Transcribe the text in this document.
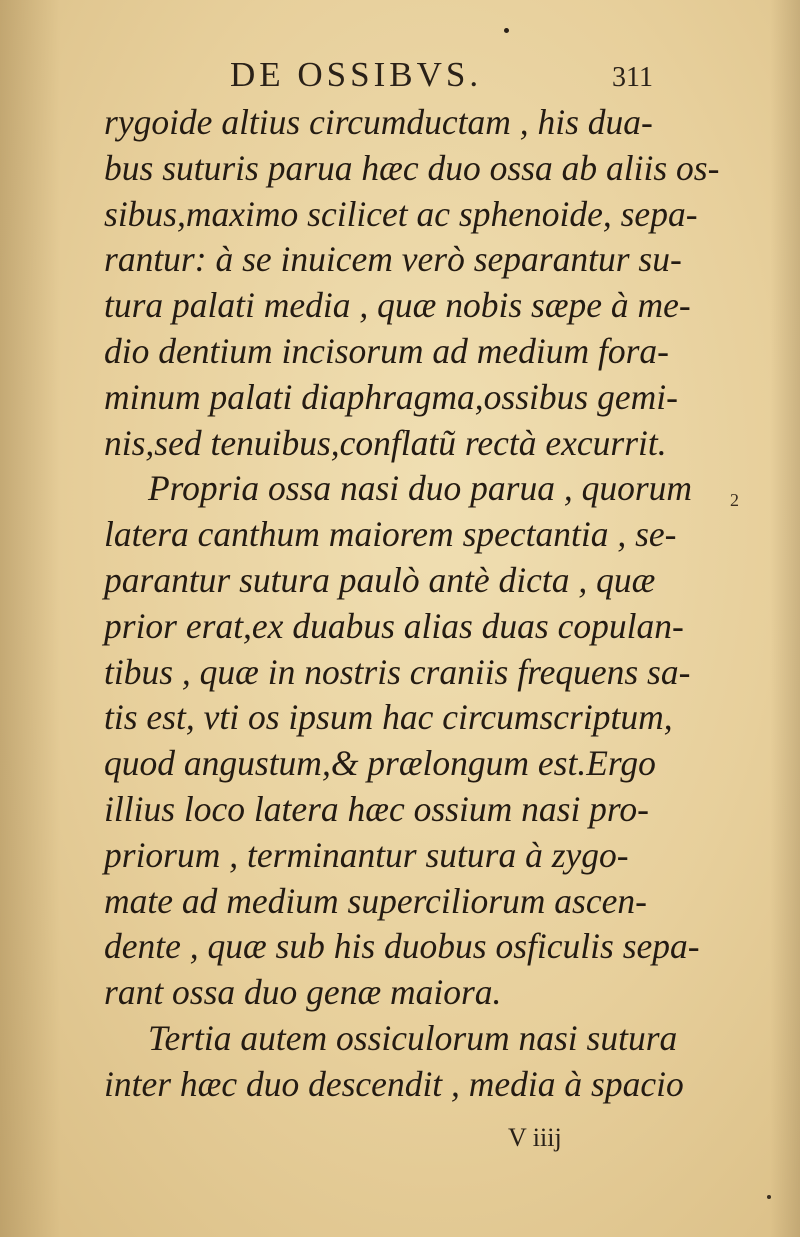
DE OSSIBVS.	311
rygoide altius circumductam , his dua-
bus suturis parua hæc duo ossa ab aliis os-
sibus,maximo scilicet ac sphenoide, sepa-
rantur: à se inuicem verò separantur su-
tura palati media , quæ nobis sæpe à me-
dio dentium incisorum ad medium fora-
minum palati diaphragma,ossibus gemi-
nis,sed tenuibus,conflatũ rectà excurrit.
Propria ossa nasi duo parua , quorum
latera canthum maiorem spectantia , se-
parantur sutura paulò antè dicta , quæ
prior erat,ex duabus alias duas copulan-
tibus , quæ in nostris craniis frequens sa-
tis est, vti os ipsum hac circumscriptum,
quod angustum,& prælongum est.Ergo
illius loco latera hæc ossium nasi pro-
priorum , terminantur sutura à zygo-
mate ad medium superciliorum ascen-
dente , quæ sub his duobus osficulis sepa-
rant ossa duo genæ maiora.
Tertia autem ossiculorum nasi sutura
inter hæc duo descendit , media à spacio
2
V iiij
